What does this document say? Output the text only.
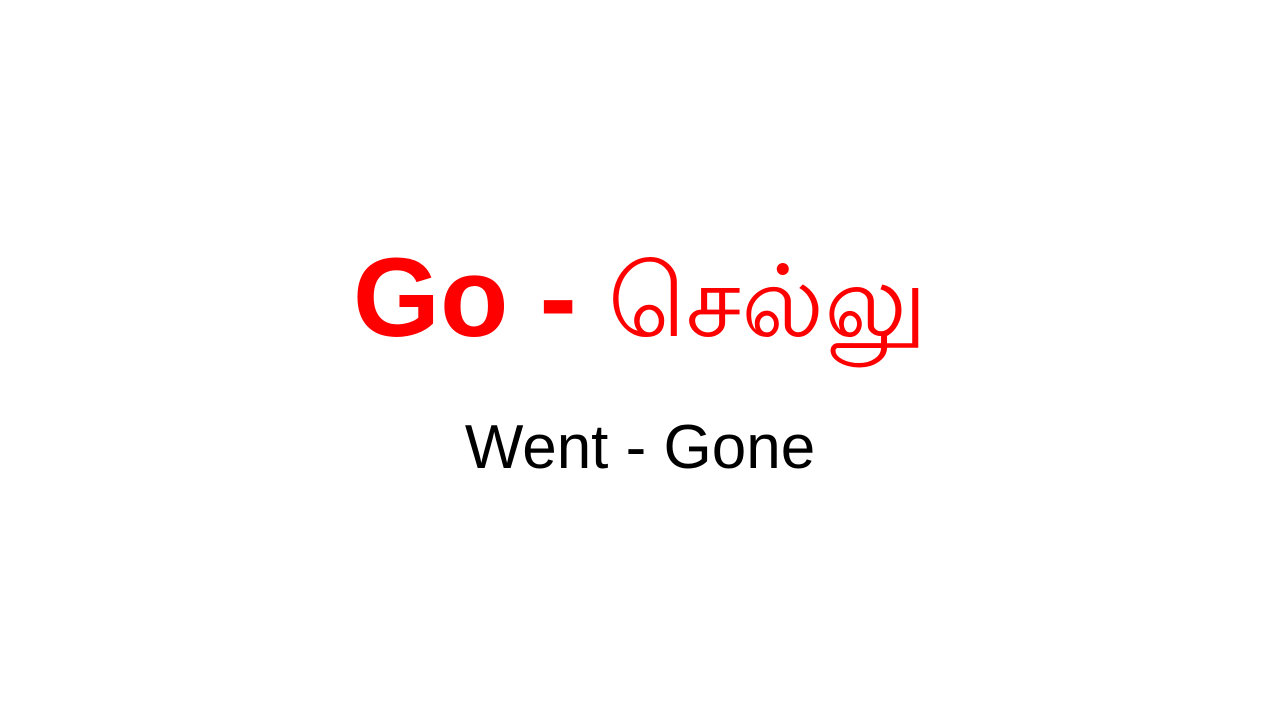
Go - செல்லு
Went - Gone
